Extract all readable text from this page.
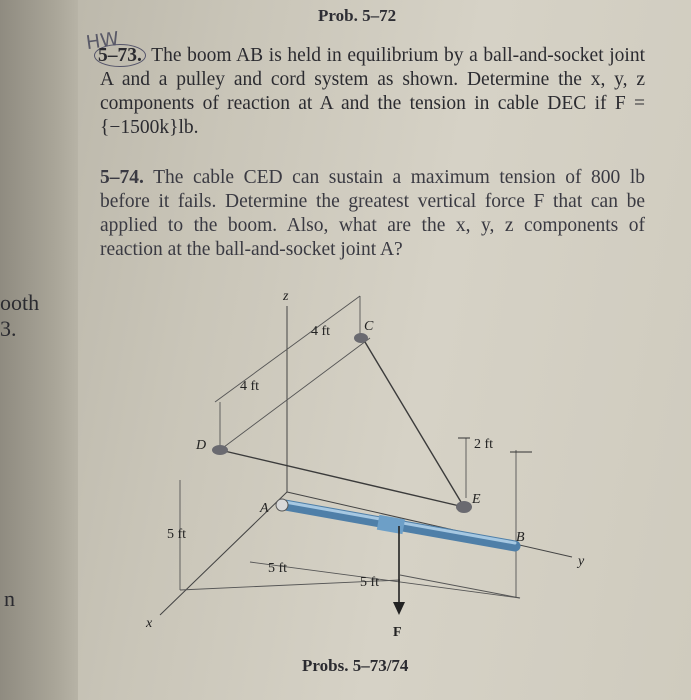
ooth
3.
n
Prob. 5–72
HW
5–73. The boom AB is held in equilibrium by a ball-and-socket joint A and a pulley and cord system as shown. Determine the x, y, z components of reaction at A and the tension in cable DEC if F = {−1500k}lb.
5–74. The cable CED can sustain a maximum tension of 800 lb before it fails. Determine the greatest vertical force F that can be applied to the boom. Also, what are the x, y, z components of reaction at the ball-and-socket joint A?
z
x
y
A
B
C
D
E
F
4 ft
4 ft
2 ft
5 ft
5 ft
5 ft
Probs. 5–73/74
